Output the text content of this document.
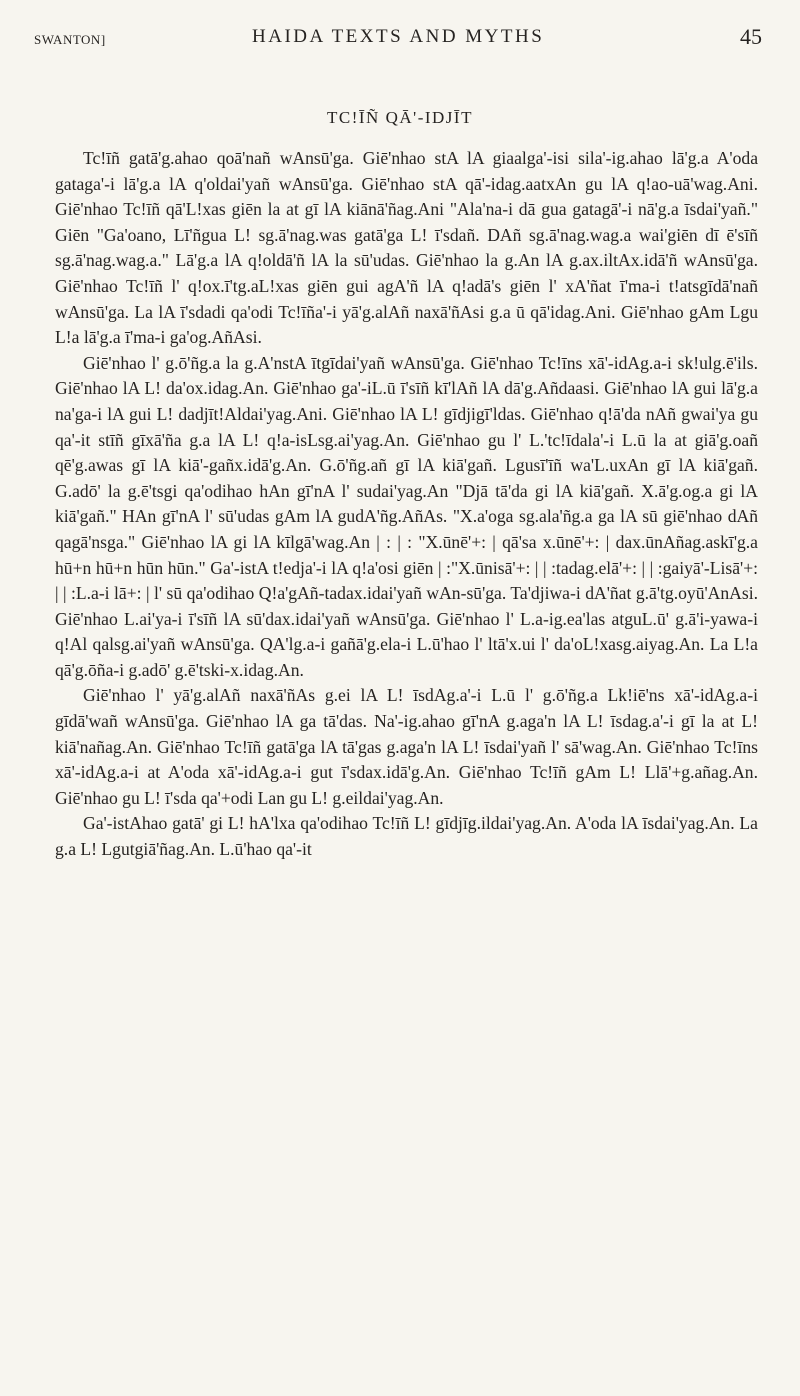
SWANTON]	HAIDA TEXTS AND MYTHS	45
TC!ĪÑ QĀ'-IDJĪT

Tc!īñ gatā'g.ahao qoā'nañ wAnsū'ga. Giē'nhao stA lA giaalga'-isi sila'-ig.ahao lā'g.a A'oda gataga'-i lā'g.a lA q'oldai'yañ wAnsū'ga. Giē'nhao stA qā'-idag.aatxAn gu lA q!ao-uā'wag.Ani. Giē'nhao Tc!īñ qā'L!xas giēn la at gī lA kiānā'ñag.Ani "Ala'na-i dā gua gatagā'-i nā'g.a īsdai'yañ." Giēn "Ga'oano, Lī'ñgua L! sg.ā'nag.was gatā'ga L! ī'sdañ. DAñ sg.ā'nag.wag.a wai'giēn dī ē'sīñ sg.ā'nag.wag.a." Lā'g.a lA q!oldā'ñ lA la sū'udas. Giē'nhao la g.An lA g.ax.iltAx.idā'ñ wAnsū'ga. Giē'nhao Tc!īñ l' q!ox.ī'tg.aL!xas giēn gui agA'ñ lA q!adā's giēn l' xA'ñat ī'ma-i t!atsgīdā'nañ wAnsū'ga. La lA ī'sdadi qa'odi Tc!īña'-i yā'g.alAñ naxā'ñAsi g.a ū qā'idag.Ani. Giē'nhao gAm Lgu L!a lā'g.a ī'ma-i ga'og.AñAsi.

Giē'nhao l' g.ō'ñg.a la g.A'nstA ītgīdai'yañ wAnsū'ga. Giē'nhao Tc!īns xā'-idAg.a-i sk!ulg.ē'ils. Giē'nhao lA L! da'ox.idag.An. Giē'nhao ga'-iL.ū ī'sīñ kī'lAñ lA dā'g.Añdaasi. Giē'nhao lA gui lā'g.a na'ga-i lA gui L! dadjīt!Aldai'yag.Ani. Giē'nhao lA L! gīdjigī'ldas. Giē'nhao q!ā'da nAñ gwai'ya gu qa'-it stīñ gīxā'ña g.a lA L! q!a-isLsg.ai'yag.An. Giē'nhao gu l' L.'tc!īdala'-i L.ū la at giā'g.oañ qē'g.awas gī lA kiā'-gañx.idā'g.An. G.ō'ñg.añ gī lA kiā'gañ. Lgusī'īñ wa'L.uxAn gī lA kiā'gañ. G.adō' la g.ē'tsgi qa'odihao hAn gī'nA l' sudai'yag.An "Djā tā'da gi lA kiā'gañ. X.ā'g.og.a gi lA kiā'gañ." HAn gī'nA l' sū'udas gAm lA gudA'ñg.AñAs. "X.a'oga sg.ala'ñg.a ga lA sū giē'nhao dAñ qagā'nsga." Giē'nhao lA gi lA kīlgā'wag.An | : | : "X.ūnē'+: | qā'sa x.ūnē'+: | dax.ūnAñag.askī'g.a hū+n hū+n hūn hūn." Ga'-istA t!edja'-i lA q!a'osi giēn | :"X.ūnisā'+: | | :tadag.elā'+: | | :gaiyā'-Lisā'+: | | :L.a-i lā+: | l' sū qa'odihao Q!a'gAñ-tadax.idai'yañ wAn-sū'ga. Ta'djiwa-i dA'ñat g.ā'tg.oyū'AnAsi. Giē'nhao L.ai'ya-i ī'sīñ lA sū'dax.idai'yañ wAnsū'ga. Giē'nhao l' L.a-ig.ea'las atguL.ū' g.ā'i-yawa-i q!Al qalsg.ai'yañ wAnsū'ga. QA'lg.a-i gañā'g.ela-i L.ū'hao l' ltā'x.ui l' da'oL!xasg.aiyag.An. La L!a qā'g.ōña-i g.adō' g.ē'tski-x.idag.An.

Giē'nhao l' yā'g.alAñ naxā'ñAs g.ei lA L! īsdAg.a'-i L.ū l' g.ō'ñg.a Lk!iē'ns xā'-idAg.a-i gīdā'wañ wAnsū'ga. Giē'nhao lA ga tā'das. Na'-ig.ahao gī'nA g.aga'n lA L! īsdag.a'-i gī la at L! kiā'nañag.An. Giē'nhao Tc!īñ gatā'ga lA tā'gas g.aga'n lA L! īsdai'yañ l' sā'wag.An. Giē'nhao Tc!īns xā'-idAg.a-i at A'oda xā'-idAg.a-i gut ī'sdax.idā'g.An. Giē'nhao Tc!īñ gAm L! Llā'+g.añag.An. Giē'nhao gu L! ī'sda qa'+odi Lan gu L! g.eildai'yag.An.

Ga'-istAhao gatā' gi L! hA'lxa qa'odihao Tc!īñ L! gīdjīg.ildai'yag.An. A'oda lA īsdai'yag.An. La g.a L! Lgutgiā'ñag.An. L.ū'hao qa'-it
